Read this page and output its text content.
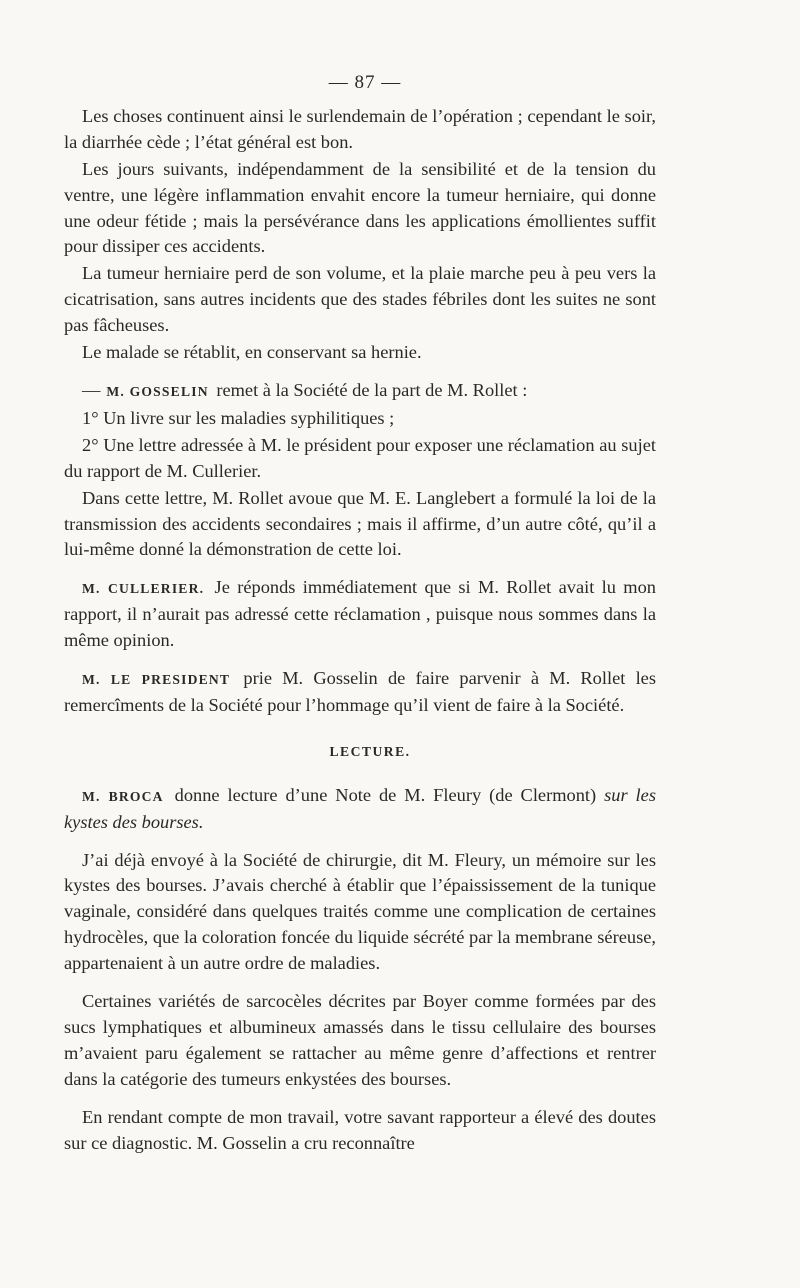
— 87 —

Les choses continuent ainsi le surlendemain de l’opération ; cependant le soir, la diarrhée cède ; l’état général est bon.

Les jours suivants, indépendamment de la sensibilité et de la tension du ventre, une légère inflammation envahit encore la tumeur herniaire, qui donne une odeur fétide ; mais la persévérance dans les applications émollientes suffit pour dissiper ces accidents.

La tumeur herniaire perd de son volume, et la plaie marche peu à peu vers la cicatrisation, sans autres incidents que des stades fébriles dont les suites ne sont pas fâcheuses.

Le malade se rétablit, en conservant sa hernie.

— M. GOSSELIN remet à la Société de la part de M. Rollet :

1° Un livre sur les maladies syphilitiques ;

2° Une lettre adressée à M. le président pour exposer une réclamation au sujet du rapport de M. Cullerier.

Dans cette lettre, M. Rollet avoue que M. E. Langlebert a formulé la loi de la transmission des accidents secondaires ; mais il affirme, d’un autre côté, qu’il a lui-même donné la démonstration de cette loi.

M. CULLERIER. Je réponds immédiatement que si M. Rollet avait lu mon rapport, il n’aurait pas adressé cette réclamation , puisque nous sommes dans la même opinion.

M. LE PRESIDENT prie M. Gosselin de faire parvenir à M. Rollet les remercîments de la Société pour l’hommage qu’il vient de faire à la Société.

LECTURE.

M. BROCA donne lecture d’une Note de M. Fleury (de Clermont) sur les kystes des bourses.

J’ai déjà envoyé à la Société de chirurgie, dit M. Fleury, un mémoire sur les kystes des bourses. J’avais cherché à établir que l’épaississement de la tunique vaginale, considéré dans quelques traités comme une complication de certaines hydrocèles, que la coloration foncée du liquide sécrété par la membrane séreuse, appartenaient à un autre ordre de maladies.

Certaines variétés de sarcocèles décrites par Boyer comme formées par des sucs lymphatiques et albumineux amassés dans le tissu cellulaire des bourses m’avaient paru également se rattacher au même genre d’affections et rentrer dans la catégorie des tumeurs enkystées des bourses.

En rendant compte de mon travail, votre savant rapporteur a élevé des doutes sur ce diagnostic. M. Gosselin a cru reconnaître
